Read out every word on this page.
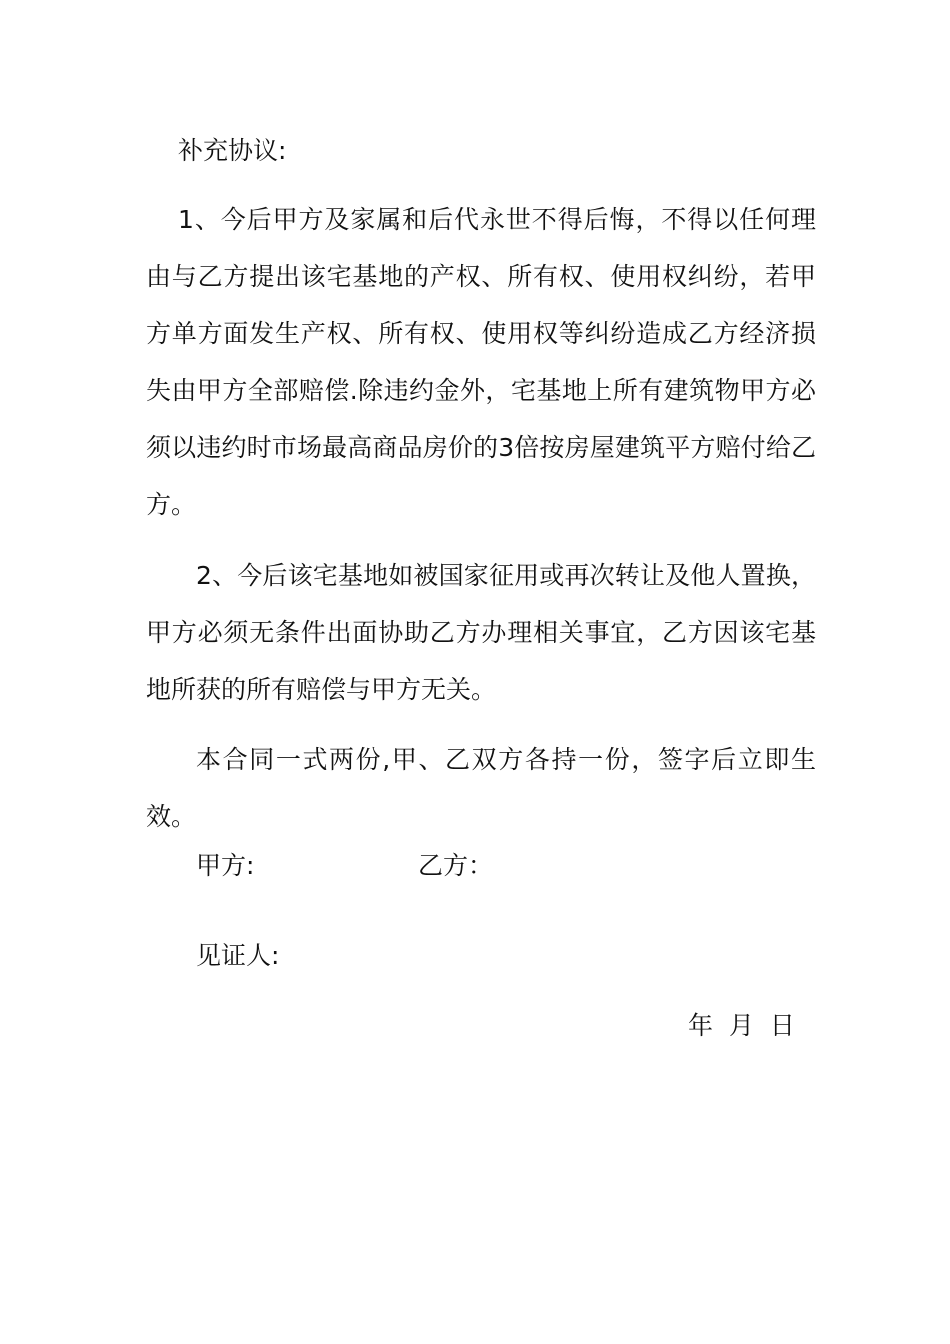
补充协议:
1、今后甲方及家属和后代永世不得后悔，不得以任何理由与乙方提出该宅基地的产权、所有权、使用权纠纷，若甲方单方面发生产权、所有权、使用权等纠纷造成乙方经济损失由甲方全部赔偿.除违约金外，宅基地上所有建筑物甲方必须以违约时市场最高商品房价的3倍按房屋建筑平方赔付给乙方。
2、今后该宅基地如被国家征用或再次转让及他人置换，甲方必须无条件出面协助乙方办理相关事宜，乙方因该宅基地所获的所有赔偿与甲方无关。
本合同一式两份,甲、乙双方各持一份，签字后立即生效。
甲方:	乙方：
见证人:
年 月 日
